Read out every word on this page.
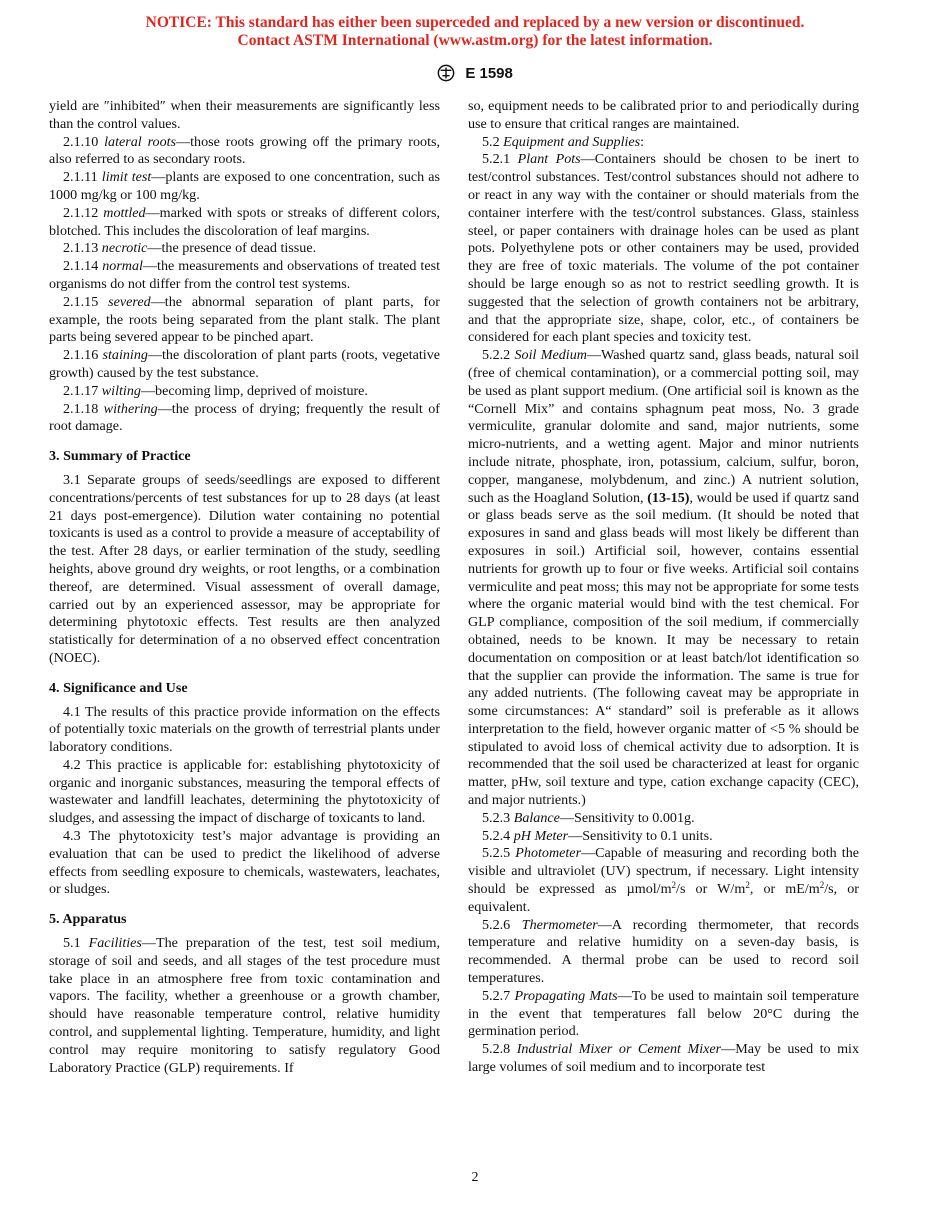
NOTICE: This standard has either been superceded and replaced by a new version or discontinued.
Contact ASTM International (www.astm.org) for the latest information.
E 1598

yield are ″inhibited″ when their measurements are significantly less than the control values.

2.1.10 lateral roots—those roots growing off the primary roots, also referred to as secondary roots.

2.1.11 limit test—plants are exposed to one concentration, such as 1000 mg/kg or 100 mg/kg.

2.1.12 mottled—marked with spots or streaks of different colors, blotched. This includes the discoloration of leaf margins.

2.1.13 necrotic—the presence of dead tissue.

2.1.14 normal—the measurements and observations of treated test organisms do not differ from the control test systems.

2.1.15 severed—the abnormal separation of plant parts, for example, the roots being separated from the plant stalk. The plant parts being severed appear to be pinched apart.

2.1.16 staining—the discoloration of plant parts (roots, vegetative growth) caused by the test substance.

2.1.17 wilting—becoming limp, deprived of moisture.

2.1.18 withering—the process of drying; frequently the result of root damage.

3. Summary of Practice

3.1 Separate groups of seeds/seedlings are exposed to different concentrations/percents of test substances for up to 28 days (at least 21 days post-emergence). Dilution water containing no potential toxicants is used as a control to provide a measure of acceptability of the test. After 28 days, or earlier termination of the study, seedling heights, above ground dry weights, or root lengths, or a combination thereof, are determined. Visual assessment of overall damage, carried out by an experienced assessor, may be appropriate for determining phytotoxic effects. Test results are then analyzed statistically for determination of a no observed effect concentration (NOEC).

4. Significance and Use

4.1 The results of this practice provide information on the effects of potentially toxic materials on the growth of terrestrial plants under laboratory conditions.

4.2 This practice is applicable for: establishing phytotoxicity of organic and inorganic substances, measuring the temporal effects of wastewater and landfill leachates, determining the phytotoxicity of sludges, and assessing the impact of discharge of toxicants to land.

4.3 The phytotoxicity test’s major advantage is providing an evaluation that can be used to predict the likelihood of adverse effects from seedling exposure to chemicals, wastewaters, leachates, or sludges.

5. Apparatus

5.1 Facilities—The preparation of the test, test soil medium, storage of soil and seeds, and all stages of the test procedure must take place in an atmosphere free from toxic contamination and vapors. The facility, whether a greenhouse or a growth chamber, should have reasonable temperature control, relative humidity control, and supplemental lighting. Temperature, humidity, and light control may require monitoring to satisfy regulatory Good Laboratory Practice (GLP) requirements. If

so, equipment needs to be calibrated prior to and periodically during use to ensure that critical ranges are maintained.

5.2 Equipment and Supplies:

5.2.1 Plant Pots—Containers should be chosen to be inert to test/control substances. Test/control substances should not adhere to or react in any way with the container or should materials from the container interfere with the test/control substances. Glass, stainless steel, or paper containers with drainage holes can be used as plant pots. Polyethylene pots or other containers may be used, provided they are free of toxic materials. The volume of the pot container should be large enough so as not to restrict seedling growth. It is suggested that the selection of growth containers not be arbitrary, and that the appropriate size, shape, color, etc., of containers be considered for each plant species and toxicity test.

5.2.2 Soil Medium—Washed quartz sand, glass beads, natural soil (free of chemical contamination), or a commercial potting soil, may be used as plant support medium. (One artificial soil is known as the “Cornell Mix” and contains sphagnum peat moss, No. 3 grade vermiculite, granular dolomite and sand, major nutrients, some micro-nutrients, and a wetting agent. Major and minor nutrients include nitrate, phosphate, iron, potassium, calcium, sulfur, boron, copper, manganese, molybdenum, and zinc.) A nutrient solution, such as the Hoagland Solution, (13-15), would be used if quartz sand or glass beads serve as the soil medium. (It should be noted that exposures in sand and glass beads will most likely be different than exposures in soil.) Artificial soil, however, contains essential nutrients for growth up to four or five weeks. Artificial soil contains vermiculite and peat moss; this may not be appropriate for some tests where the organic material would bind with the test chemical. For GLP compliance, composition of the soil medium, if commercially obtained, needs to be known. It may be necessary to retain documentation on composition or at least batch/lot identification so that the supplier can provide the information. The same is true for any added nutrients. (The following caveat may be appropriate in some circumstances: A“ standard” soil is preferable as it allows interpretation to the field, however organic matter of <5 % should be stipulated to avoid loss of chemical activity due to adsorption. It is recommended that the soil used be characterized at least for organic matter, pHw, soil texture and type, cation exchange capacity (CEC), and major nutrients.)

5.2.3 Balance—Sensitivity to 0.001g.

5.2.4 pH Meter—Sensitivity to 0.1 units.

5.2.5 Photometer—Capable of measuring and recording both the visible and ultraviolet (UV) spectrum, if necessary. Light intensity should be expressed as µmol/$m^2/s$ or $W/m^2$, or $mE/m^2/s$, or equivalent.

5.2.6 Thermometer—A recording thermometer, that records temperature and relative humidity on a seven-day basis, is recommended. A thermal probe can be used to record soil temperatures.

5.2.7 Propagating Mats—To be used to maintain soil temperature in the event that temperatures fall below 20°C during the germination period.

5.2.8 Industrial Mixer or Cement Mixer—May be used to mix large volumes of soil medium and to incorporate test

2
